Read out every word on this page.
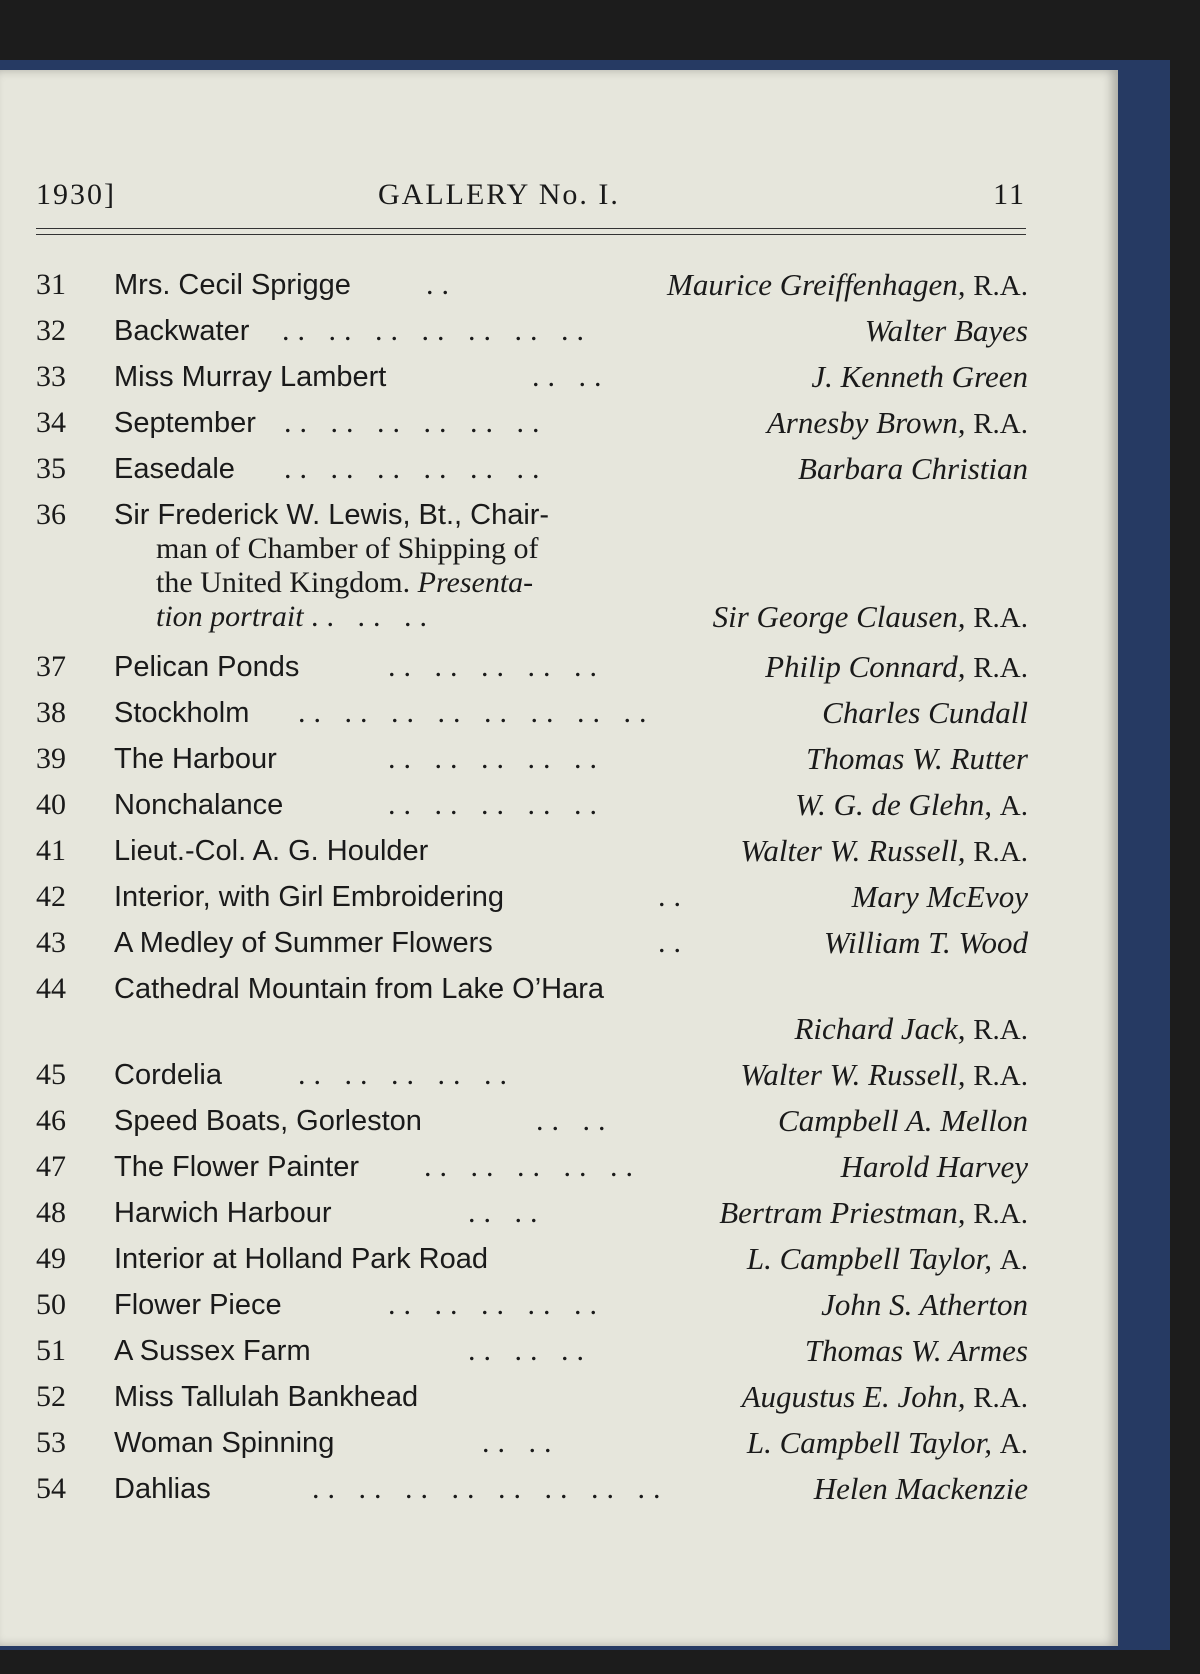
1930]	GALLERY No. I.	11
31	Mrs. Cecil Sprigge	..	Maurice Greiffenhagen, R.A.
32	Backwater .. .. .. .. .. .. ..	Walter Bayes
33	Miss Murray Lambert	.. ..	J. Kenneth Green
34	September .. .. .. .. .. ..	Arnesby Brown, R.A.
35	Easedale .. .. .. .. .. ..	Barbara Christian
36	Sir Frederick W. Lewis, Bt., Chair-
man of Chamber of Shipping of
the United Kingdom. Presenta-
tion portrait .. .. ..	Sir George Clausen, R.A.
37	Pelican Ponds	.. .. .. .. ..	Philip Connard, R.A.
38	Stockholm .. .. .. .. .. .. .. ..	Charles Cundall
39	The Harbour	.. .. .. .. ..	Thomas W. Rutter
40	Nonchalance	.. .. .. .. ..	W. G. de Glehn, A.
41	Lieut.-Col. A. G. Houlder	Walter W. Russell, R.A.
42	Interior, with Girl Embroidering	..	Mary McEvoy
43	A Medley of Summer Flowers	..	William T. Wood
44	Cathedral Mountain from Lake O’Hara
Richard Jack, R.A.
45	Cordelia	.. .. .. .. ..	Walter W. Russell, R.A.
46	Speed Boats, Gorleston	.. ..	Campbell A. Mellon
47	The Flower Painter .. .. .. .. ..	Harold Harvey
48	Harwich Harbour	.. ..	Bertram Priestman, R.A.
49	Interior at Holland Park Road	L. Campbell Taylor, A.
50	Flower Piece	.. .. .. .. ..	John S. Atherton
51	A Sussex Farm	.. .. ..	Thomas W. Armes
52	Miss Tallulah Bankhead	Augustus E. John, R.A.
53	Woman Spinning	.. ..	L. Campbell Taylor, A.
54	Dahlias	.. .. .. .. .. .. .. ..	Helen Mackenzie
